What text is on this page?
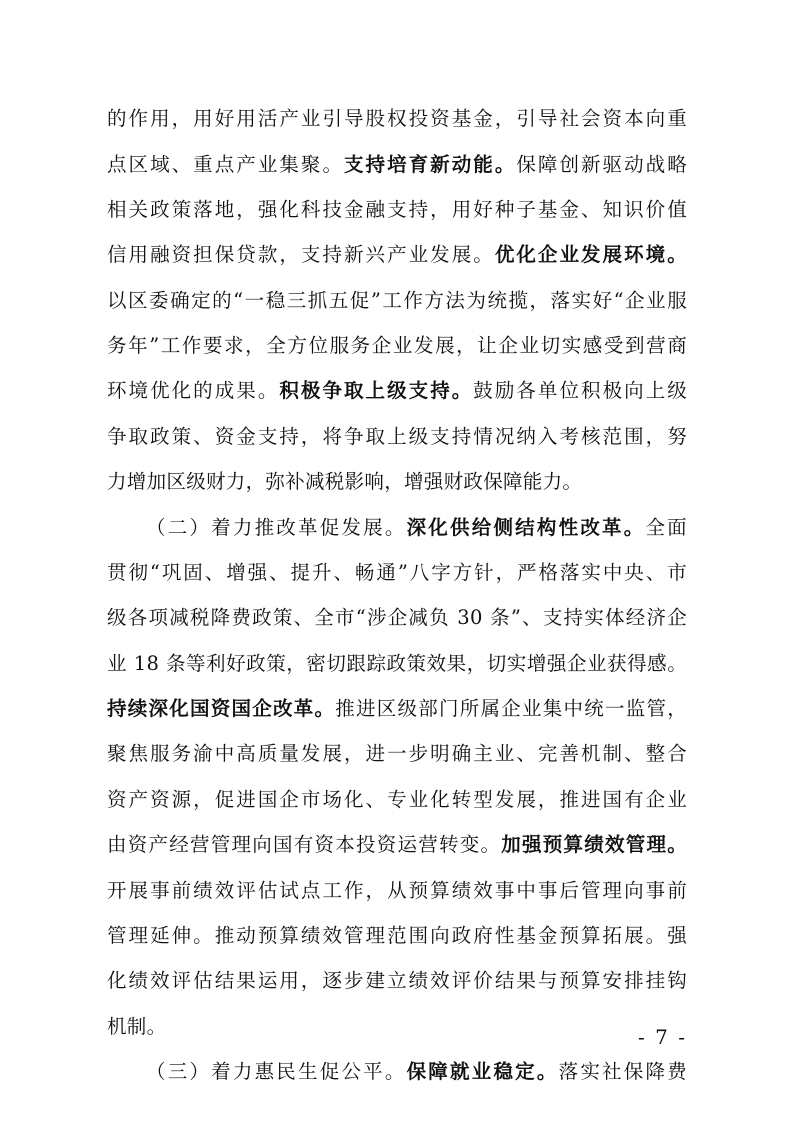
的作用，用好用活产业引导股权投资基金，引导社会资本向重
点区域、重点产业集聚。支持培育新动能。保障创新驱动战略
相关政策落地，强化科技金融支持，用好种子基金、知识价值
信用融资担保贷款，支持新兴产业发展。优化企业发展环境。
以区委确定的“一稳三抓五促”工作方法为统揽，落实好“企业服
务年”工作要求，全方位服务企业发展，让企业切实感受到营商
环境优化的成果。积极争取上级支持。鼓励各单位积极向上级
争取政策、资金支持，将争取上级支持情况纳入考核范围，努
力增加区级财力，弥补减税影响，增强财政保障能力。
（二）着力推改革促发展。深化供给侧结构性改革。全面
贯彻“巩固、增强、提升、畅通”八字方针，严格落实中央、市
级各项减税降费政策、全市“涉企减负 30 条”、支持实体经济企
业 18 条等利好政策，密切跟踪政策效果，切实增强企业获得感。
持续深化国资国企改革。推进区级部门所属企业集中统一监管，
聚焦服务渝中高质量发展，进一步明确主业、完善机制、整合
资产资源，促进国企市场化、专业化转型发展，推进国有企业
由资产经营管理向国有资本投资运营转变。加强预算绩效管理。
开展事前绩效评估试点工作，从预算绩效事中事后管理向事前
管理延伸。推动预算绩效管理范围向政府性基金预算拓展。强
化绩效评估结果运用，逐步建立绩效评价结果与预算安排挂钩
机制。
（三）着力惠民生促公平。保障就业稳定。落实社保降费
- 7 -
